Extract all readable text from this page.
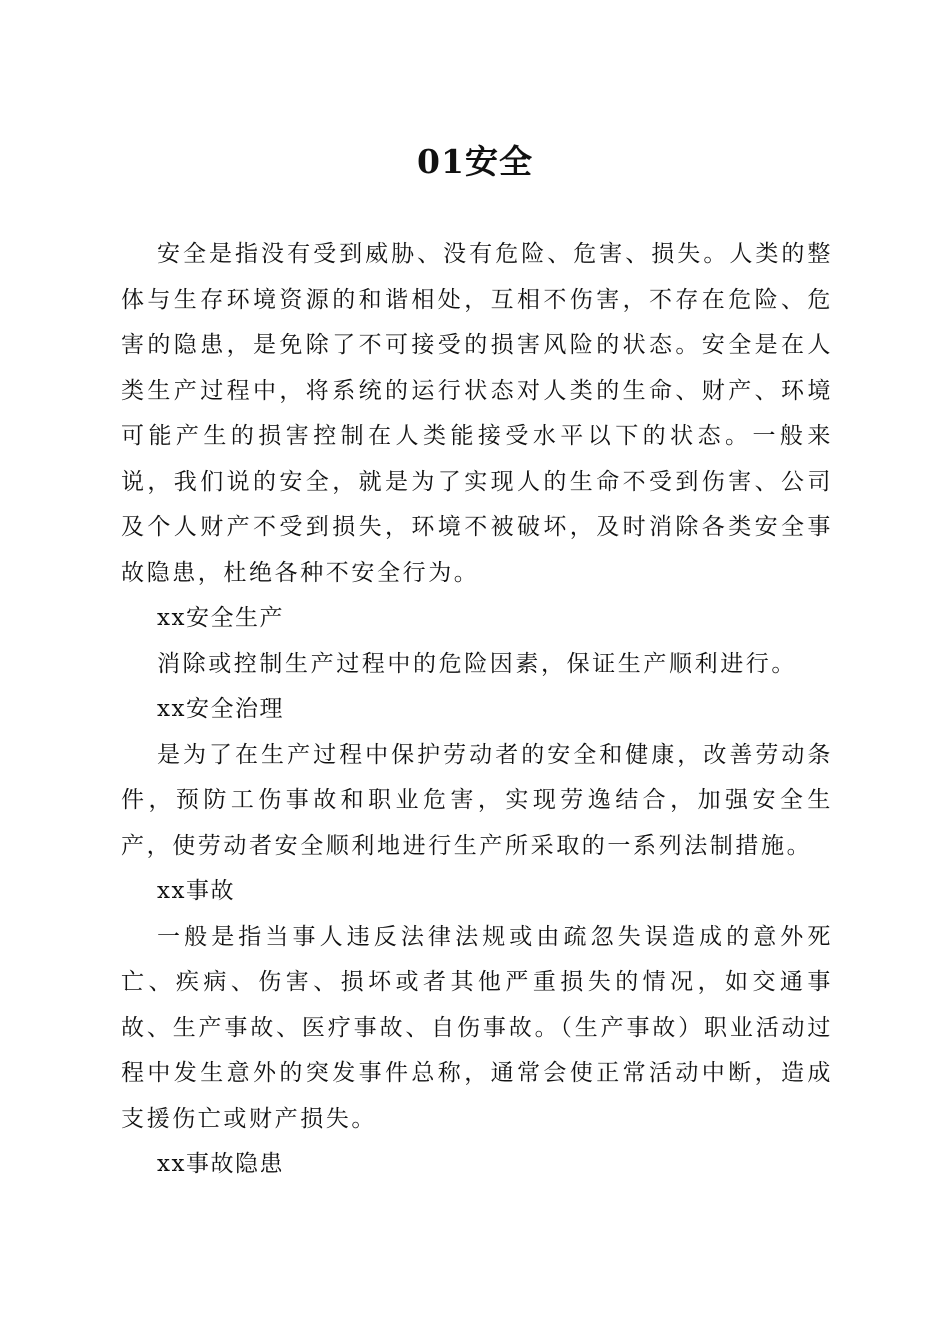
01安全

安全是指没有受到威胁、没有危险、危害、损失。人类的整体与生存环境资源的和谐相处，互相不伤害，不存在危险、危害的隐患，是免除了不可接受的损害风险的状态。安全是在人类生产过程中，将系统的运行状态对人类的生命、财产、环境可能产生的损害控制在人类能接受水平以下的状态。一般来说，我们说的安全，就是为了实现人的生命不受到伤害、公司及个人财产不受到损失，环境不被破坏，及时消除各类安全事故隐患，杜绝各种不安全行为。

xx安全生产

消除或控制生产过程中的危险因素，保证生产顺利进行。

xx安全治理

是为了在生产过程中保护劳动者的安全和健康，改善劳动条件，预防工伤事故和职业危害，实现劳逸结合，加强安全生产，使劳动者安全顺利地进行生产所采取的一系列法制措施。

xx事故

一般是指当事人违反法律法规或由疏忽失误造成的意外死亡、疾病、伤害、损坏或者其他严重损失的情况，如交通事故、生产事故、医疗事故、自伤事故。（生产事故）职业活动过程中发生意外的突发事件总称，通常会使正常活动中断，造成支援伤亡或财产损失。

xx事故隐患
